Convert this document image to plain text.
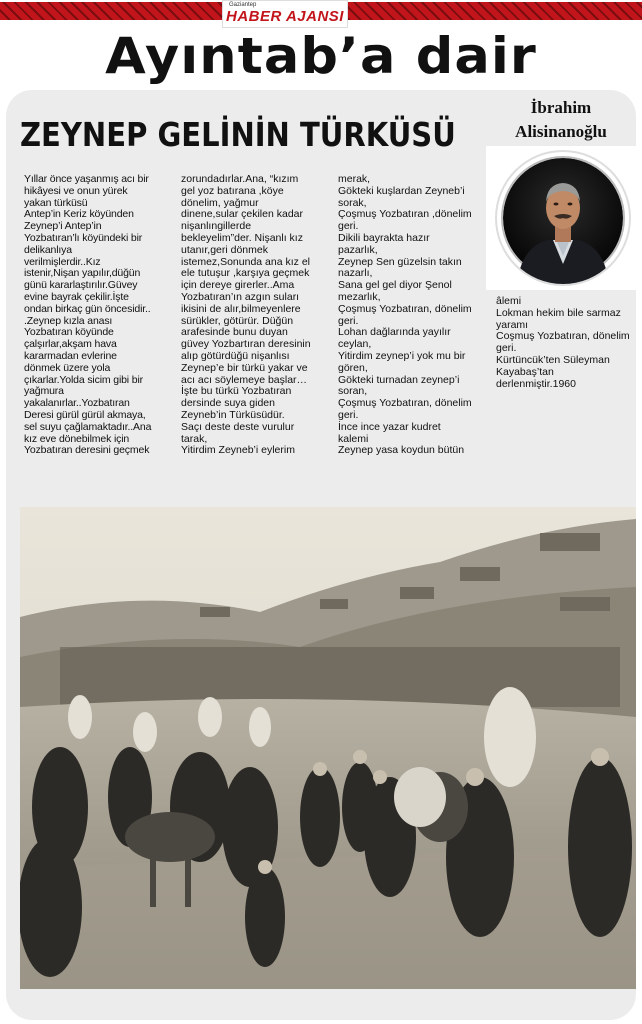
Gaziantep
HABER AJANSI
Ayıntab’a dair
ZEYNEP GELİNİN TÜRKÜSÜ
İbrahim
Alisinanoğlu

Yıllar önce yaşanmış acı bir

hikâyesi ve onun yürek

yakan türküsü

Antep’in Keriz köyünden

Zeynep’i Antep’in

Yozbatıran’lı köyündeki bir

delikanlıya

verilmişlerdir..Kız

istenir,Nişan yapılır,düğün

günü kararlaştırılır.Güvey

evine bayrak çekilir.İşte

ondan birkaç gün öncesidir..

.Zeynep kızla anası

Yozbatıran köyünde

çalşırlar,akşam hava

kararmadan evlerine

dönmek üzere yola

çıkarlar.Yolda sicim gibi bir

yağmura

yakalanırlar..Yozbatıran

Deresi gürül gürül akmaya,

sel suyu çağlamaktadır..Ana

kız eve dönebilmek için

Yozbatıran deresini geçmek

zorundadırlar.Ana, “kızım

gel yoz batırana ,köye

dönelim, yağmur

dinene,sular çekilen kadar

nişanlıngillerde

bekleyelim”der. Nişanlı kız

utanır,geri dönmek

istemez,Sonunda ana kız el

ele tutuşur ,karşıya geçmek

için dereye girerler..Ama

Yozbatıran’ın azgın suları

ikisini de alır,bilmeyenlere

sürükler, götürür. Düğün

arafesinde bunu duyan

güvey Yozbartıran deresinin

alıp götürdüğü nişanlısı

Zeynep’e bir türkü yakar ve

acı acı söylemeye başlar…

İşte bu türkü Yozbatıran

dersinde suya giden

Zeyneb’in Türküsüdür.

Saçı deste deste vurulur

tarak,

Yitirdim Zeyneb’i eylerim

merak,

Gökteki kuşlardan Zeyneb’i

sorak,

Çoşmuş Yozbatıran ,dönelim

geri.

Dikili bayrakta hazır

pazarlık,

Zeynep Sen güzelsin takın

nazarlı,

Sana gel gel diyor Şenol

mezarlık,

Çoşmuş Yozbatıran, dönelim

geri.

Lohan dağlarında yayılır

ceylan,

Yitirdim zeynep’i yok mu bir

gören,

Gökteki turnadan zeynep’i

soran,

Çoşmuş Yozbatıran, dönelim

geri.

İnce ince yazar kudret

kalemi

Zeynep yasa koydun bütün

âlemi

Lokman hekim bile sarmaz

yaramı

Coşmuş Yozbatıran, dönelim

geri.

Kürtüncük’ten Süleyman

Kayabaş’tan

derlenmiştir.1960
